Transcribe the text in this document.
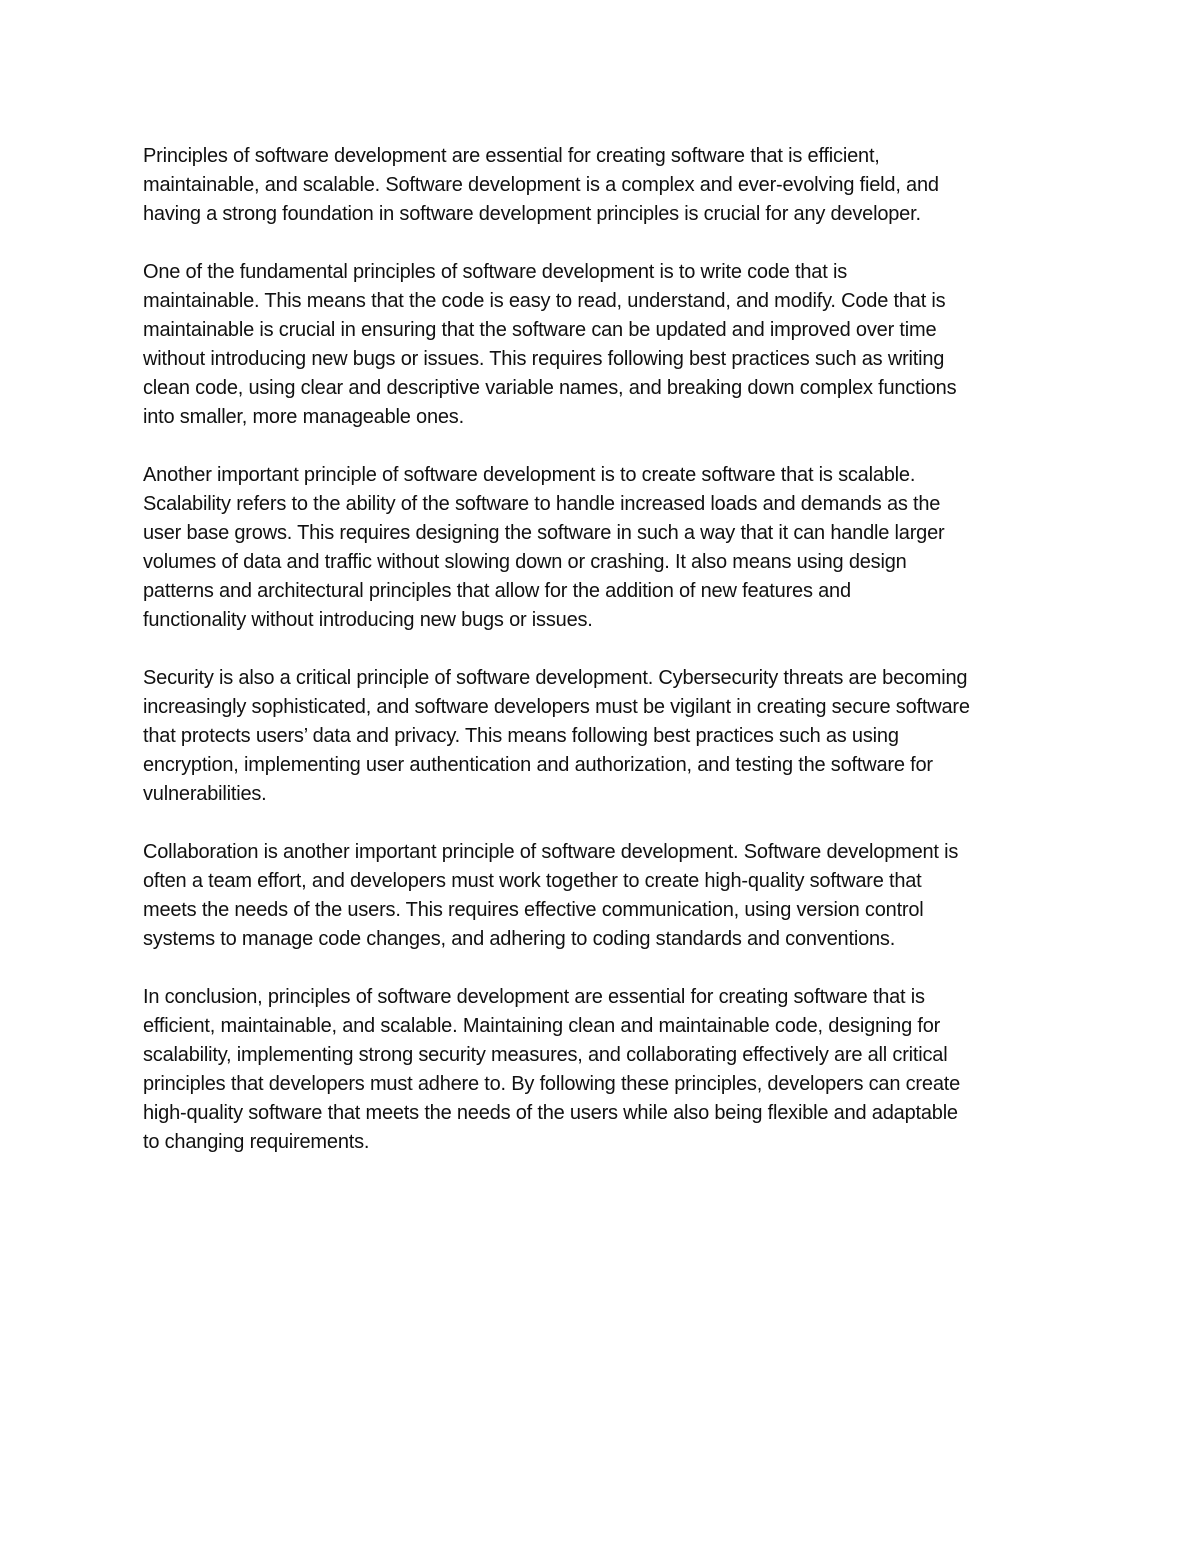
Principles of software development are essential for creating software that is efficient,
maintainable, and scalable. Software development is a complex and ever-evolving field, and
having a strong foundation in software development principles is crucial for any developer.
One of the fundamental principles of software development is to write code that is
maintainable. This means that the code is easy to read, understand, and modify. Code that is
maintainable is crucial in ensuring that the software can be updated and improved over time
without introducing new bugs or issues. This requires following best practices such as writing
clean code, using clear and descriptive variable names, and breaking down complex functions
into smaller, more manageable ones.
Another important principle of software development is to create software that is scalable.
Scalability refers to the ability of the software to handle increased loads and demands as the
user base grows. This requires designing the software in such a way that it can handle larger
volumes of data and traffic without slowing down or crashing. It also means using design
patterns and architectural principles that allow for the addition of new features and
functionality without introducing new bugs or issues.
Security is also a critical principle of software development. Cybersecurity threats are becoming
increasingly sophisticated, and software developers must be vigilant in creating secure software
that protects users’ data and privacy. This means following best practices such as using
encryption, implementing user authentication and authorization, and testing the software for
vulnerabilities.
Collaboration is another important principle of software development. Software development is
often a team effort, and developers must work together to create high-quality software that
meets the needs of the users. This requires effective communication, using version control
systems to manage code changes, and adhering to coding standards and conventions.
In conclusion, principles of software development are essential for creating software that is
efficient, maintainable, and scalable. Maintaining clean and maintainable code, designing for
scalability, implementing strong security measures, and collaborating effectively are all critical
principles that developers must adhere to. By following these principles, developers can create
high-quality software that meets the needs of the users while also being flexible and adaptable
to changing requirements.
